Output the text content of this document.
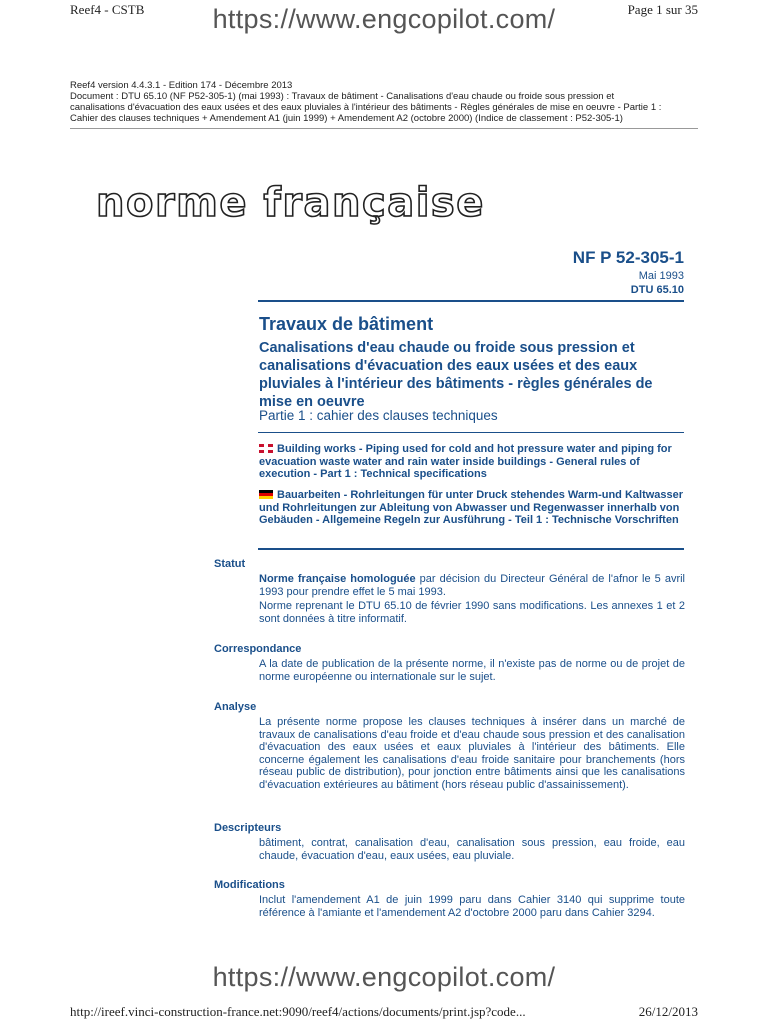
Reef4 - CSTB	Page 1 sur 35
https://www.engcopilot.com/
Reef4 version 4.4.3.1 - Edition 174 - Décembre 2013
Document : DTU 65.10 (NF P52-305-1) (mai 1993) : Travaux de bâtiment - Canalisations d'eau chaude ou froide sous pression et
canalisations d'évacuation des eaux usées et des eaux pluviales à l'intérieur des bâtiments - Règles générales de mise en oeuvre - Partie 1 :
Cahier des clauses techniques + Amendement A1 (juin 1999) + Amendement A2 (octobre 2000) (Indice de classement : P52-305-1)
norme française
NF P 52-305-1
Mai 1993
DTU 65.10
Travaux de bâtiment
Canalisations d'eau chaude ou froide sous pression et canalisations d'évacuation des eaux usées et des eaux pluviales à l'intérieur des bâtiments - règles générales de mise en oeuvre
Partie 1 : cahier des clauses techniques
Building works - Piping used for cold and hot pressure water and piping for evacuation waste water and rain water inside buildings - General rules of execution - Part 1 : Technical specifications
Bauarbeiten - Rohrleitungen für unter Druck stehendes Warm-und Kaltwasser und Rohrleitungen zur Ableitung von Abwasser und Regenwasser innerhalb von Gebäuden - Allgemeine Regeln zur Ausführung - Teil 1 : Technische Vorschriften
Statut

Norme française homologuée par décision du Directeur Général de l'afnor le 5 avril 1993 pour prendre effet le 5 mai 1993.

Norme reprenant le DTU 65.10 de février 1990 sans modifications. Les annexes 1 et 2 sont données à titre informatif.

Correspondance
A la date de publication de la présente norme, il n'existe pas de norme ou de projet de norme européenne ou internationale sur le sujet.
Analyse
La présente norme propose les clauses techniques à insérer dans un marché de travaux de canalisations d'eau froide et d'eau chaude sous pression et des canalisation d'évacuation des eaux usées et eaux pluviales à l'intérieur des bâtiments. Elle concerne également les canalisations d'eau froide sanitaire pour branchements (hors réseau public de distribution), pour jonction entre bâtiments ainsi que les canalisations d'évacuation extérieures au bâtiment (hors réseau public d'assainissement).
Descripteurs
bâtiment, contrat, canalisation d'eau, canalisation sous pression, eau froide, eau chaude, évacuation d'eau, eaux usées, eau pluviale.
Modifications
Inclut l'amendement A1 de juin 1999 paru dans Cahier 3140 qui supprime toute référence à l'amiante et l'amendement A2 d'octobre 2000 paru dans Cahier 3294.
https://www.engcopilot.com/
http://ireef.vinci-construction-france.net:9090/reef4/actions/documents/print.jsp?code...	26/12/2013
